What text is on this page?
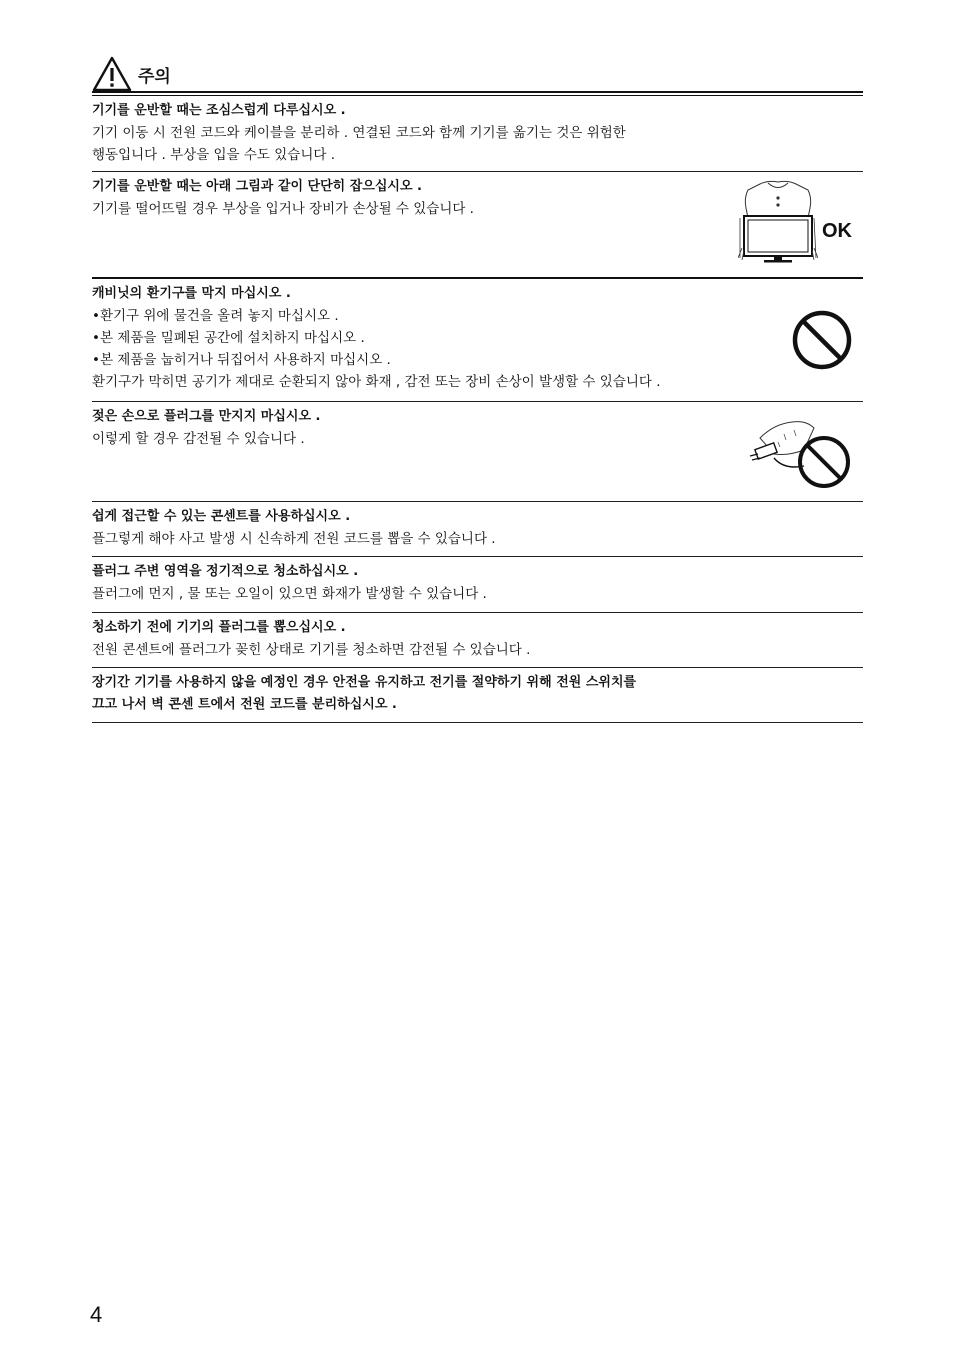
주의
기기를 운반할 때는 조심스럽게 다루십시오 .
기기 이동 시 전원 코드와 케이블을 분리하 . 연결된 코드와 함께 기기를 옮기는 것은 위험한
행동입니다 . 부상을 입을 수도 있습니다 .
기기를 운반할 때는 아래 그림과 같이 단단히 잡으십시오 .
기기를 떨어뜨릴 경우 부상을 입거나 장비가 손상될 수 있습니다 .
OK
캐비닛의 환기구를 막지 마십시오 .
• 환기구 위에 물건을 올려 놓지 마십시오 .
• 본 제품을 밀폐된 공간에 설치하지 마십시오 .
• 본 제품을 눕히거나 뒤집어서 사용하지 마십시오 .
환기구가 막히면 공기가 제대로 순환되지 않아 화재 , 감전 또는 장비 손상이 발생할 수 있습니다 .
젖은 손으로 플러그를 만지지 마십시오 .
이렇게 할 경우 감전될 수 있습니다 .
쉽게 접근할 수 있는 콘센트를 사용하십시오 .
플그렇게 해야 사고 발생 시 신속하게 전원 코드를 뽑을 수 있습니다 .
플러그 주변 영역을 정기적으로 청소하십시오 .
플러그에 먼지 , 물 또는 오일이 있으면 화재가 발생할 수 있습니다 .
청소하기 전에 기기의 플러그를 뽑으십시오 .
전원 콘센트에 플러그가 꽂힌 상태로 기기를 청소하면 감전될 수 있습니다 .
장기간 기기를 사용하지 않을 예정인 경우 안전을 유지하고 전기를 절약하기 위해 전원 스위치를
끄고 나서 벽 콘센 트에서 전원 코드를 분리하십시오 .
4
